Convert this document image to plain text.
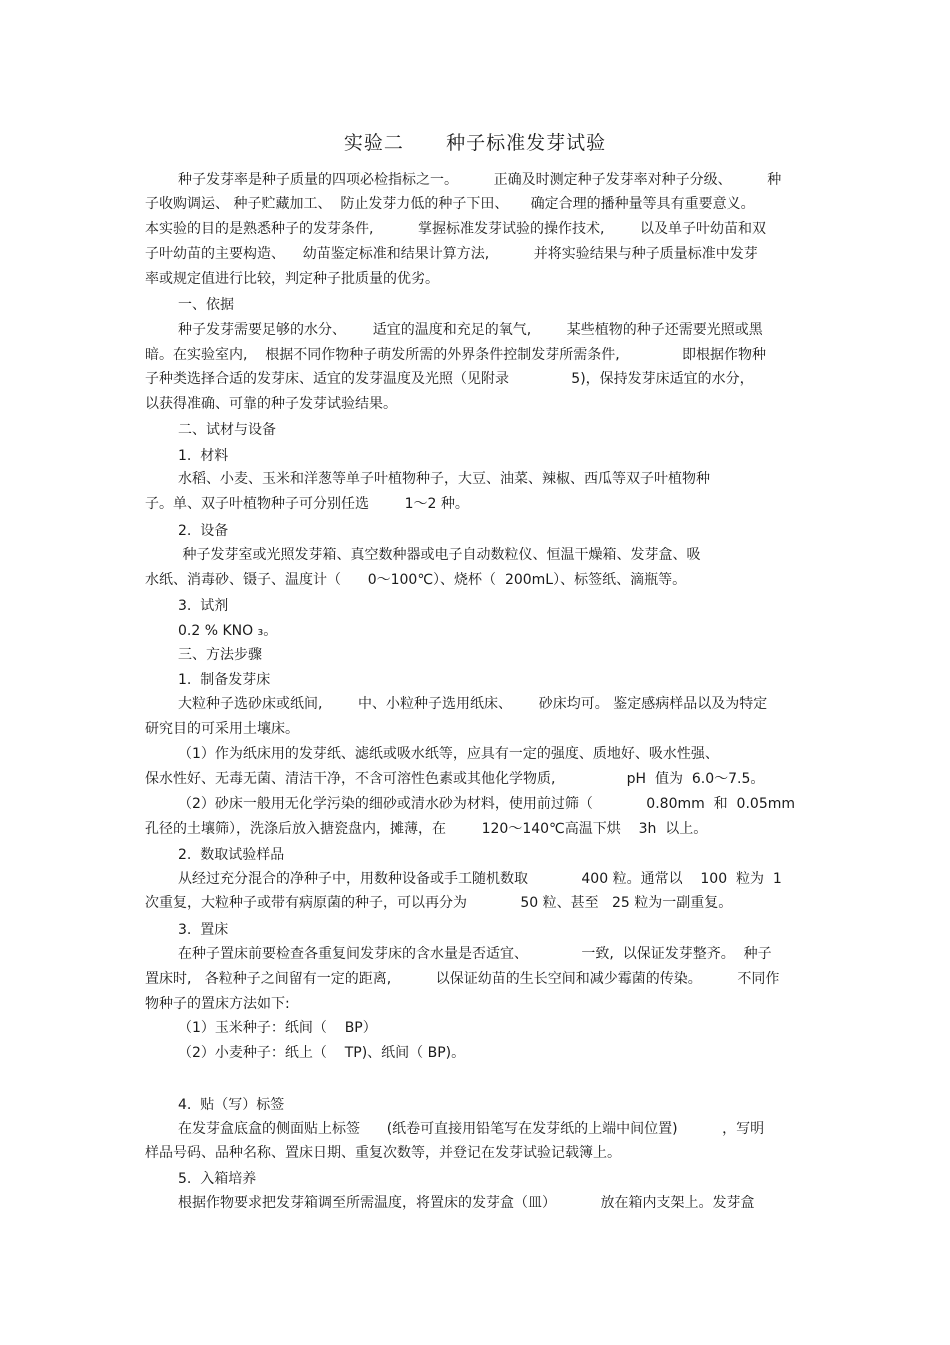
实验二      种子标准发芽试验
种子发芽率是种子质量的四项必检指标之一。        正确及时测定种子发芽率对种子分级、        种
子收购调运、 种子贮藏加工、  防止发芽力低的种子下田、     确定合理的播种量等具有重要意义。
本实验的目的是熟悉种子的发芽条件,          掌握标准发芽试验的操作技术,        以及单子叶幼苗和双
子叶幼苗的主要构造、    幼苗鉴定标准和结果计算方法,          并将实验结果与种子质量标准中发芽
率或规定值进行比较，判定种子批质量的优劣。
一、依据
种子发芽需要足够的水分、      适宜的温度和充足的氧气,        某些植物的种子还需要光照或黑
暗。在实验室内,    根据不同作物种子萌发所需的外界条件控制发芽所需条件,              即根据作物种
子种类选择合适的发芽床、适宜的发芽温度及光照（见附录              5)，保持发芽床适宜的水分，
以获得准确、可靠的种子发芽试验结果。
二、试材与设备
1.  材料
水稻、小麦、玉米和洋葱等单子叶植物种子，大豆、油菜、辣椒、西瓜等双子叶植物种
子。单、双子叶植物种子可分别任选        1～2 种。
2.  设备
种子发芽室或光照发芽箱、真空数种器或电子自动数粒仪、恒温干燥箱、发芽盒、吸
水纸、消毒砂、镊子、温度计（      0～100℃）、烧杯（  200mL）、标签纸、滴瓶等。
3.  试剂
0.2 % KNO ₃。
三、方法步骤
1.  制备发芽床
大粒种子选砂床或纸间,        中、小粒种子选用纸床、      砂床均可。 鉴定感病样品以及为特定
研究目的可采用土壤床。
（1）作为纸床用的发芽纸、滤纸或吸水纸等，应具有一定的强度、质地好、吸水性强、
保水性好、无毒无菌、清洁干净，不含可溶性色素或其他化学物质,                pH  值为  6.0～7.5。
（2）砂床一般用无化学污染的细砂或清水砂为材料，使用前过筛（            0.80mm  和  0.05mm
孔径的土壤筛），洗涤后放入搪瓷盘内，摊薄，在        120～140℃高温下烘    3h  以上。
2.  数取试验样品
从经过充分混合的净种子中，用数种设备或手工随机数取            400 粒。通常以    100  粒为  1
次重复，大粒种子或带有病原菌的种子，可以再分为            50 粒、甚至   25 粒为一副重复。
3.  置床
在种子置床前要检查各重复间发芽床的含水量是否适宜、            一致,  以保证发芽整齐。  种子
置床时,   各粒种子之间留有一定的距离,          以保证幼苗的生长空间和减少霉菌的传染。        不同作
物种子的置床方法如下:
（1）玉米种子：纸间（    BP）
（2）小麦种子：纸上（    TP)、纸间（ BP)。
4.  贴（写）标签
在发芽盒底盒的侧面贴上标签      (纸卷可直接用铅笔写在发芽纸的上端中间位置)          ，写明
样品号码、品种名称、置床日期、重复次数等，并登记在发芽试验记载簿上。
5.  入箱培养
根据作物要求把发芽箱调至所需温度，将置床的发芽盒（皿）          放在箱内支架上。发芽盒
